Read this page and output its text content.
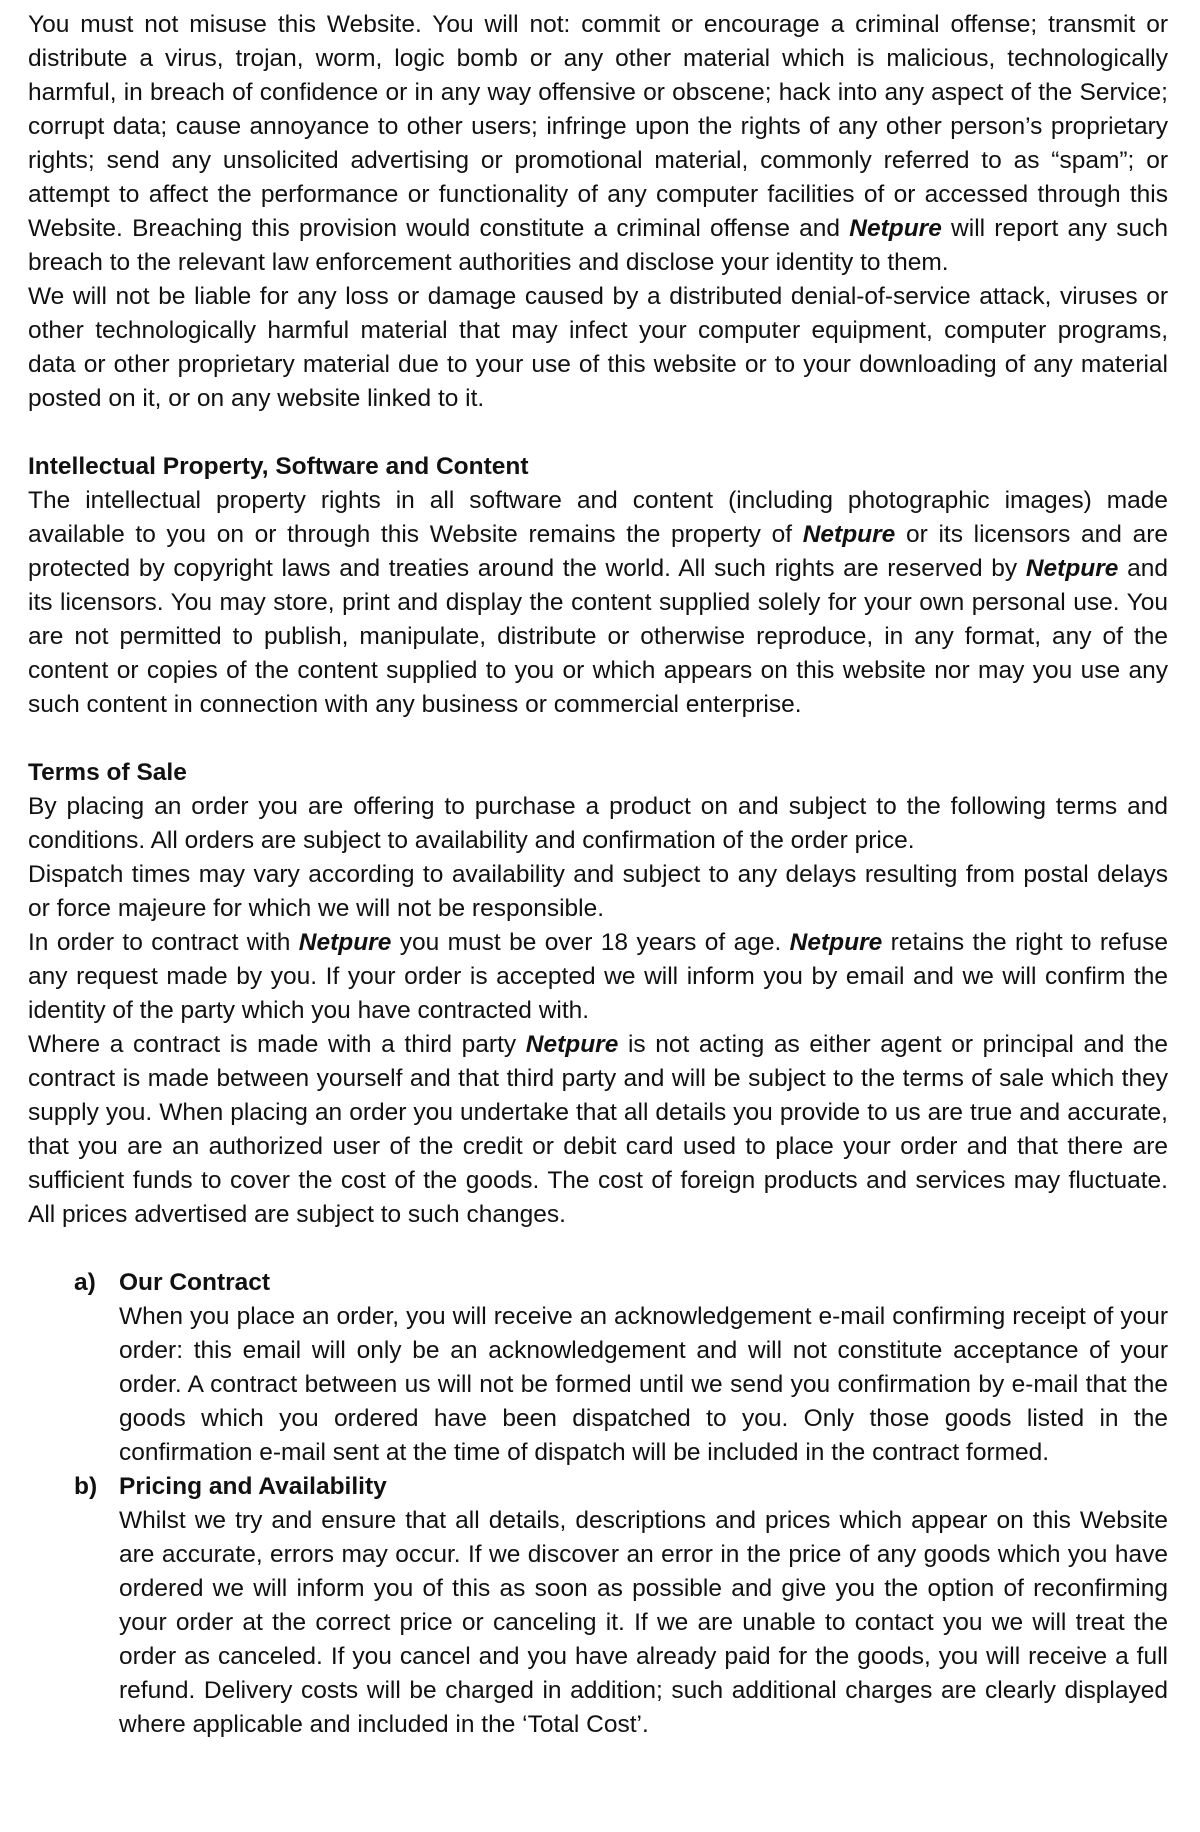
You must not misuse this Website. You will not: commit or encourage a criminal offense; transmit or distribute a virus, trojan, worm, logic bomb or any other material which is malicious, technologically harmful, in breach of confidence or in any way offensive or obscene; hack into any aspect of the Service; corrupt data; cause annoyance to other users; infringe upon the rights of any other person’s proprietary rights; send any unsolicited advertising or promotional material, commonly referred to as “spam”; or attempt to affect the performance or functionality of any computer facilities of or accessed through this Website. Breaching this provision would constitute a criminal offense and Netpure will report any such breach to the relevant law enforcement authorities and disclose your identity to them.

We will not be liable for any loss or damage caused by a distributed denial-of-service attack, viruses or other technologically harmful material that may infect your computer equipment, computer programs, data or other proprietary material due to your use of this website or to your downloading of any material posted on it, or on any website linked to it.

Intellectual Property, Software and Content

The intellectual property rights in all software and content (including photographic images) made available to you on or through this Website remains the property of Netpure or its licensors and are protected by copyright laws and treaties around the world. All such rights are reserved by Netpure and its licensors. You may store, print and display the content supplied solely for your own personal use. You are not permitted to publish, manipulate, distribute or otherwise reproduce, in any format, any of the content or copies of the content supplied to you or which appears on this website nor may you use any such content in connection with any business or commercial enterprise.

Terms of Sale

By placing an order you are offering to purchase a product on and subject to the following terms and conditions. All orders are subject to availability and confirmation of the order price.

Dispatch times may vary according to availability and subject to any delays resulting from postal delays or force majeure for which we will not be responsible.

In order to contract with Netpure you must be over 18 years of age. Netpure retains the right to refuse any request made by you. If your order is accepted we will inform you by email and we will confirm the identity of the party which you have contracted with.

Where a contract is made with a third party Netpure is not acting as either agent or principal and the contract is made between yourself and that third party and will be subject to the terms of sale which they supply you. When placing an order you undertake that all details you provide to us are true and accurate, that you are an authorized user of the credit or debit card used to place your order and that there are sufficient funds to cover the cost of the goods. The cost of foreign products and services may fluctuate. All prices advertised are subject to such changes.

a) Our Contract

When you place an order, you will receive an acknowledgement e-mail confirming receipt of your order: this email will only be an acknowledgement and will not constitute acceptance of your order. A contract between us will not be formed until we send you confirmation by e-mail that the goods which you ordered have been dispatched to you. Only those goods listed in the confirmation e-mail sent at the time of dispatch will be included in the contract formed.

b) Pricing and Availability

Whilst we try and ensure that all details, descriptions and prices which appear on this Website are accurate, errors may occur. If we discover an error in the price of any goods which you have ordered we will inform you of this as soon as possible and give you the option of reconfirming your order at the correct price or canceling it. If we are unable to contact you we will treat the order as canceled. If you cancel and you have already paid for the goods, you will receive a full refund. Delivery costs will be charged in addition; such additional charges are clearly displayed where applicable and included in the ‘Total Cost’.
